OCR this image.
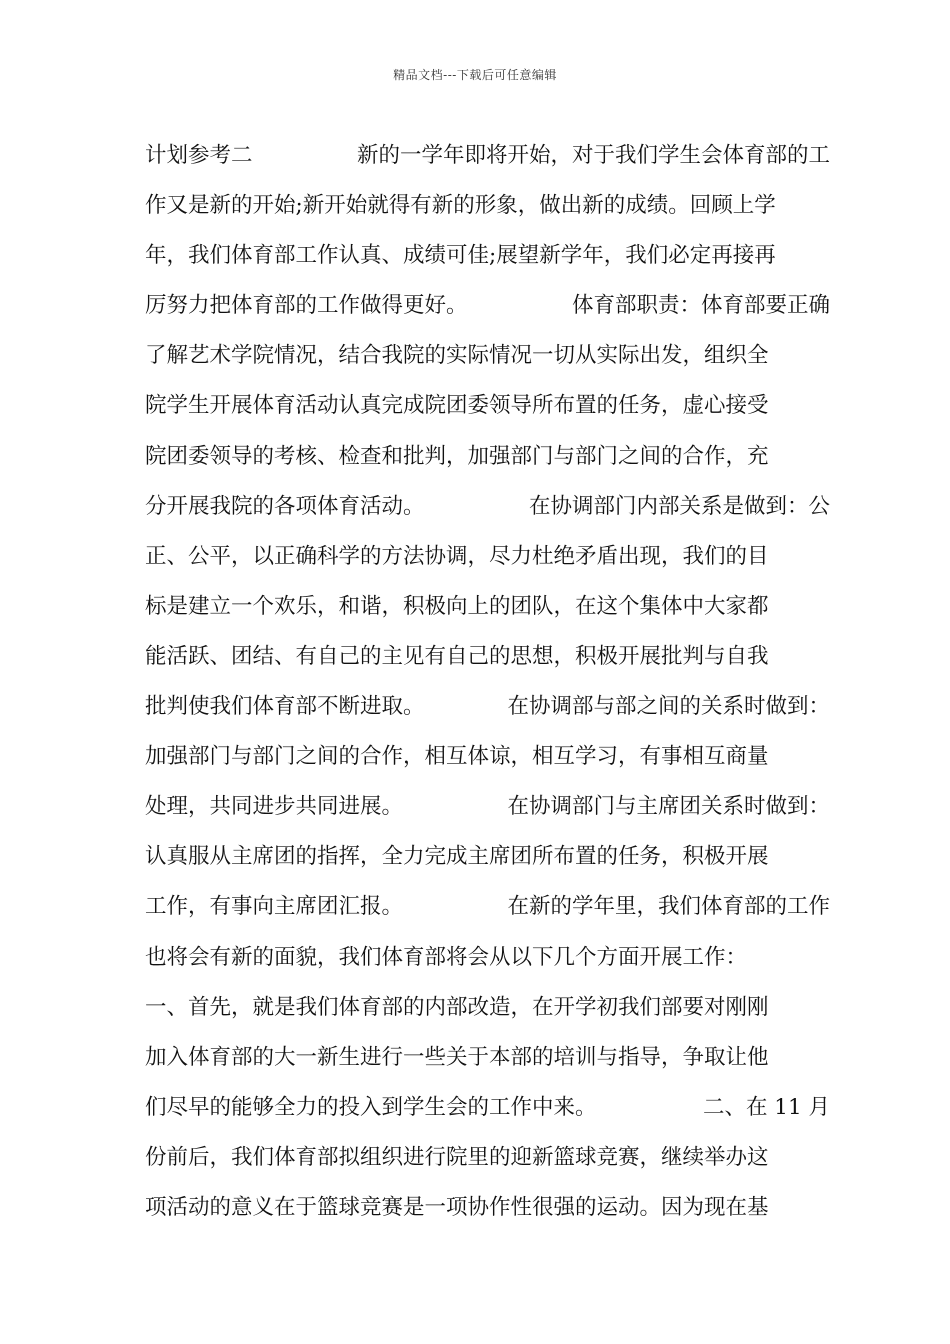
精品文档---下载后可任意编辑
计划参考二	新的一学年即将开始，对于我们学生会体育部的工
作又是新的开始;新开始就得有新的形象，做出新的成绩。回顾上学
年，我们体育部工作认真、成绩可佳;展望新学年，我们必定再接再
厉努力把体育部的工作做得更好。	体育部职责：体育部要正确
了解艺术学院情况，结合我院的实际情况一切从实际出发，组织全
院学生开展体育活动认真完成院团委领导所布置的任务，虚心接受
院团委领导的考核、检查和批判，加强部门与部门之间的合作，充
分开展我院的各项体育活动。	在协调部门内部关系是做到：公
正、公平，以正确科学的方法协调，尽力杜绝矛盾出现，我们的目
标是建立一个欢乐，和谐，积极向上的团队，在这个集体中大家都
能活跃、团结、有自己的主见有自己的思想，积极开展批判与自我
批判使我们体育部不断进取。	在协调部与部之间的关系时做到：
加强部门与部门之间的合作，相互体谅，相互学习，有事相互商量
处理，共同进步共同进展。	在协调部门与主席团关系时做到：
认真服从主席团的指挥，全力完成主席团所布置的任务，积极开展
工作，有事向主席团汇报。	在新的学年里，我们体育部的工作
也将会有新的面貌，我们体育部将会从以下几个方面开展工作：
一、首先，就是我们体育部的内部改造，在开学初我们部要对刚刚
加入体育部的大一新生进行一些关于本部的培训与指导，争取让他
们尽早的能够全力的投入到学生会的工作中来。	二、在 11 月
份前后，我们体育部拟组织进行院里的迎新篮球竞赛，继续举办这
项活动的意义在于篮球竞赛是一项协作性很强的运动。因为现在基
